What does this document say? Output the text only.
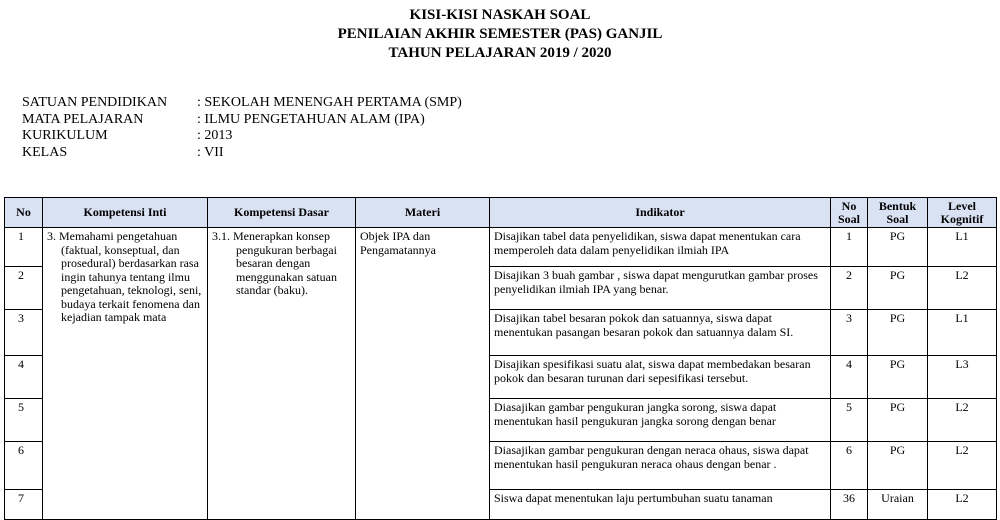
KISI-KISI NASKAH SOAL
PENILAIAN AKHIR SEMESTER (PAS) GANJIL
TAHUN PELAJARAN 2019 / 2020
SATUAN PENDIDIKAN	: SEKOLAH MENENGAH PERTAMA (SMP)
MATA PELAJARAN	: ILMU PENGETAHUAN ALAM (IPA)
KURIKULUM	: 2013
KELAS	: VII
No	Kompetensi Inti	Kompetensi Dasar	Materi	Indikator	No Soal	Bentuk Soal	Level Kognitif
1	3. Memahami pengetahuan (faktual, konseptual, dan prosedural) berdasarkan rasa ingin tahunya tentang ilmu pengetahuan, teknologi, seni, budaya terkait fenomena dan kejadian tampak mata	3.1. Menerapkan konsep pengukuran berbagai besaran dengan menggunakan satuan standar (baku).	Objek IPA dan Pengamatannya	Disajikan tabel data penyelidikan, siswa dapat menentukan cara memperoleh data dalam penyelidikan ilmiah IPA	1	PG	L1
2				Disajikan 3 buah gambar , siswa dapat mengurutkan gambar proses penyelidikan ilmiah IPA yang benar.	2	PG	L2
3				Disajikan tabel besaran pokok dan satuannya, siswa dapat menentukan pasangan besaran pokok dan satuannya dalam SI.	3	PG	L1
4				Disajikan spesifikasi suatu alat, siswa dapat membedakan besaran pokok dan besaran turunan dari sepesifikasi tersebut.	4	PG	L3
5				Diasajikan gambar pengukuran jangka sorong, siswa dapat menentukan hasil pengukuran jangka sorong dengan benar	5	PG	L2
6				Diasajikan gambar pengukuran dengan neraca ohaus, siswa dapat menentukan hasil pengukuran neraca ohaus dengan benar .	6	PG	L2
7				Siswa dapat menentukan laju pertumbuhan suatu tanaman	36	Uraian	L2
